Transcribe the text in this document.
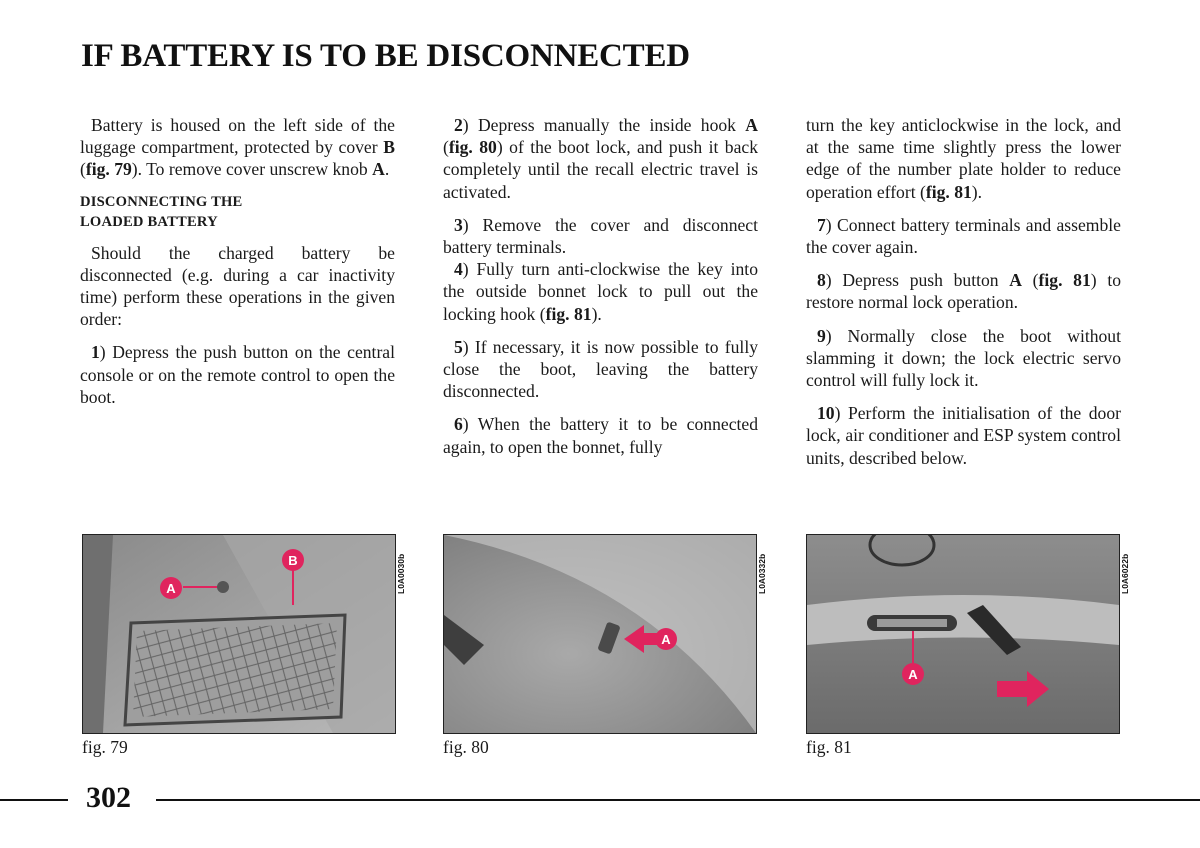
IF BATTERY IS TO BE DISCONNECTED

Battery is housed on the left side of the luggage compartment, protected by cover B (fig. 79). To remove cover unscrew knob A.

DISCONNECTING THE
LOADED BATTERY

Should the charged battery be disconnected (e.g. during a car inactivity time) perform these operations in the given order:

1) Depress the push button on the central console or on the remote control to open the boot.

2) Depress manually the inside hook A (fig. 80) of the boot lock, and push it back completely until the recall electric travel is activated.

3) Remove the cover and disconnect battery terminals.

4) Fully turn anti-clockwise the key into the outside bonnet lock to pull out the locking hook (fig. 81).

5) If necessary, it is now possible to fully close the boot, leaving the battery disconnected.

6) When the battery it to be connected again, to open the bonnet, fully

turn the key anticlockwise in the lock, and at the same time slightly press the lower edge of the number plate holder to reduce operation effort (fig. 81).

7) Connect battery terminals and assemble the cover again.

8) Depress push button A (fig. 81) to restore normal lock operation.

9) Normally close the boot without slamming it down; the lock electric servo control will fully lock it.

10) Perform the initialisation of the door lock, air conditioner and ESP system control units, described below.

A
B	L0A0030b
fig. 79
A
L0A0332b
fig. 80
A
L0A6022b
fig. 81
302
